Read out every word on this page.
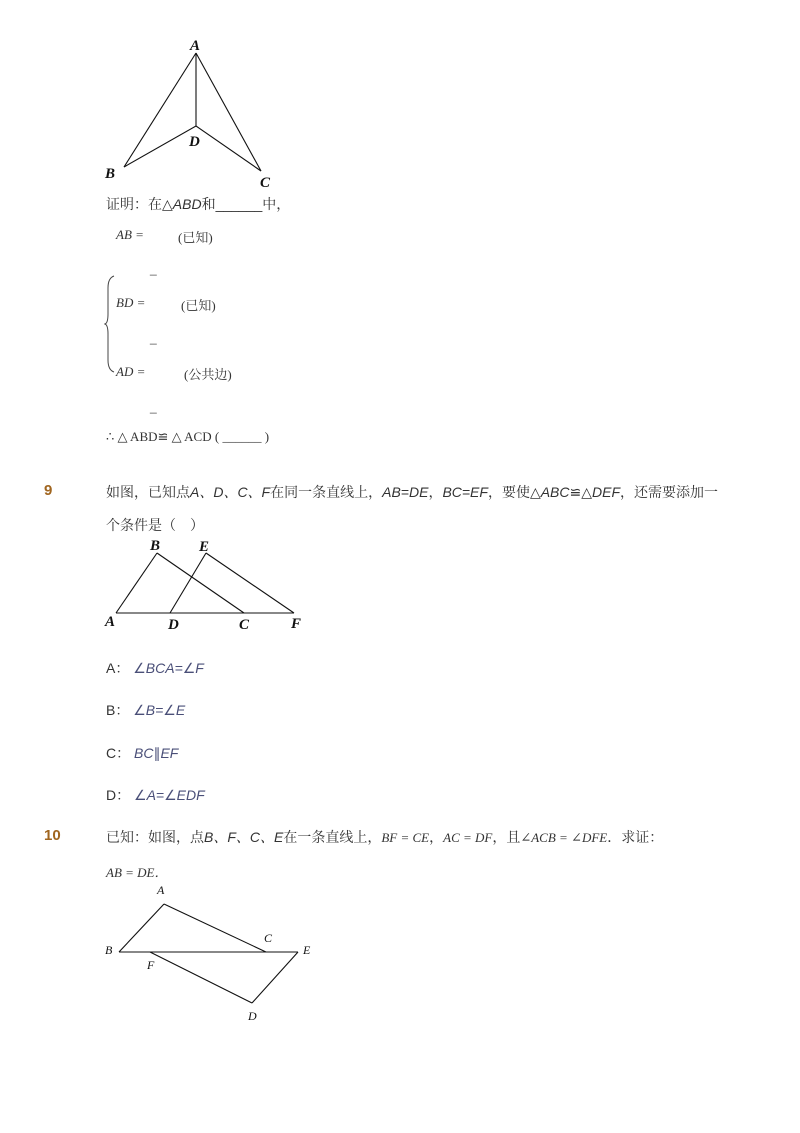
A
B
C
D
证明：在△ABD和______中，
AB =	(已知)
_
BD =	(已知)
_
AD =	(公共边)
_
∴ △ ABD≌ △ ACD ( ______ )
9	如图，已知点A、D、C、F在同一条直线上，AB=DE，BC=EF，要使△ABC≌△DEF，还需要添加一
个条件是（　）
A
B
C
D
E
F
A： ∠BCA=∠F
B： ∠B=∠E
C： BC∥EF
D： ∠A=∠EDF
10	已知：如图，点B、F、C、E在一条直线上，BF = CE，AC = DF，且∠ACB = ∠DFE．求证：
AB = DE．
A
B
C
D
E
F
